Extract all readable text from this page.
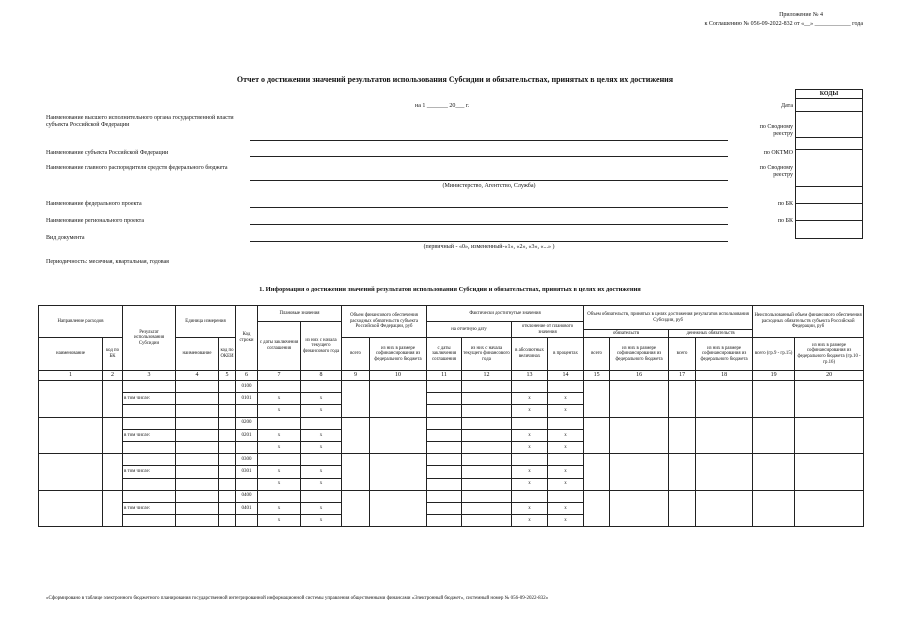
Приложение № 4
к Соглашению № 056-09-2022-832 от «__» ____________ года
Отчет о достижении значений результатов использования Субсидии и обязательствах, принятых в целях их достижения
на 1 _______ 20___ г.
КОДЫ

Дата
по Сводному реестру
по ОКТМО
по Сводному реестру
по БК
по БК
Наименование высшего исполнительного органа государственной власти субъекта Российской Федерации
Наименование субъекта Российской Федерации
Наименование главного распорядителя средств федерального бюджета
(Министерство, Агентство, Служба)
Наименование федерального проекта
Наименование регионального проекта
Вид документа
(первичный - «0», измененный-«1», «2», «3», «...» )
Периодичность: месячная, квартальная, годовая
1. Информация о достижении значений результатов использования Субсидии и обязательствах, принятых в целях их достижения
Направление расходов		Результат использования Субсидии	Единица измерения		Код строки	Плановые значения		Объем финансового обеспечения расходных обязательств субъекта Российской Федерации, руб		Фактически достигнутые значения				Объем обязательств, принятых в целях достижения результатов использования Субсидии, руб				Неиспользованный объем финансового обеспечения расходных обязательств субъекта Российской Федерации, руб	
						с даты заключения соглашения	из них с начала текущего финансового года			на отчетную дату		отклонение от планового значения							
														обязательств		денежных обязательств			
наименование	код по БК		наименование	код по ОКЕИ				всего	из них в размере софинансирования из федерального бюджета	с даты заключения соглашения	из них с начала текущего финансового года	в абсолютных величинах	в процентах	всего	из них в размере софинансирования из федерального бюджета	всего	из них в размере софинансирования из федерального бюджета	всего (гр.9 - гр.15)	из них в размере софинансирования из федерального бюджета (гр.10 - гр.16)
1	2	3	4	5	6	7	8	9	10	11	12	13	14	15	16	17	18	19	20
					0100														
		в том числе:			0101	x	x					x	x						
						x	x					x	x						
					0200														
		в том числе:			0201	x	x					x	x						
						x	x					x	x						
					0300														
		в том числе:			0301	x	x					x	x						
						x	x					x	x						
					0400														
		в том числе:			0401	x	x					x	x						
						x	x					x	x						
«Сформировано в таблице электронного бюджетного планирования государственной интегрированной информационной системы управления общественными финансами «Электронный бюджет», системный номер № 056-09-2022-832»
